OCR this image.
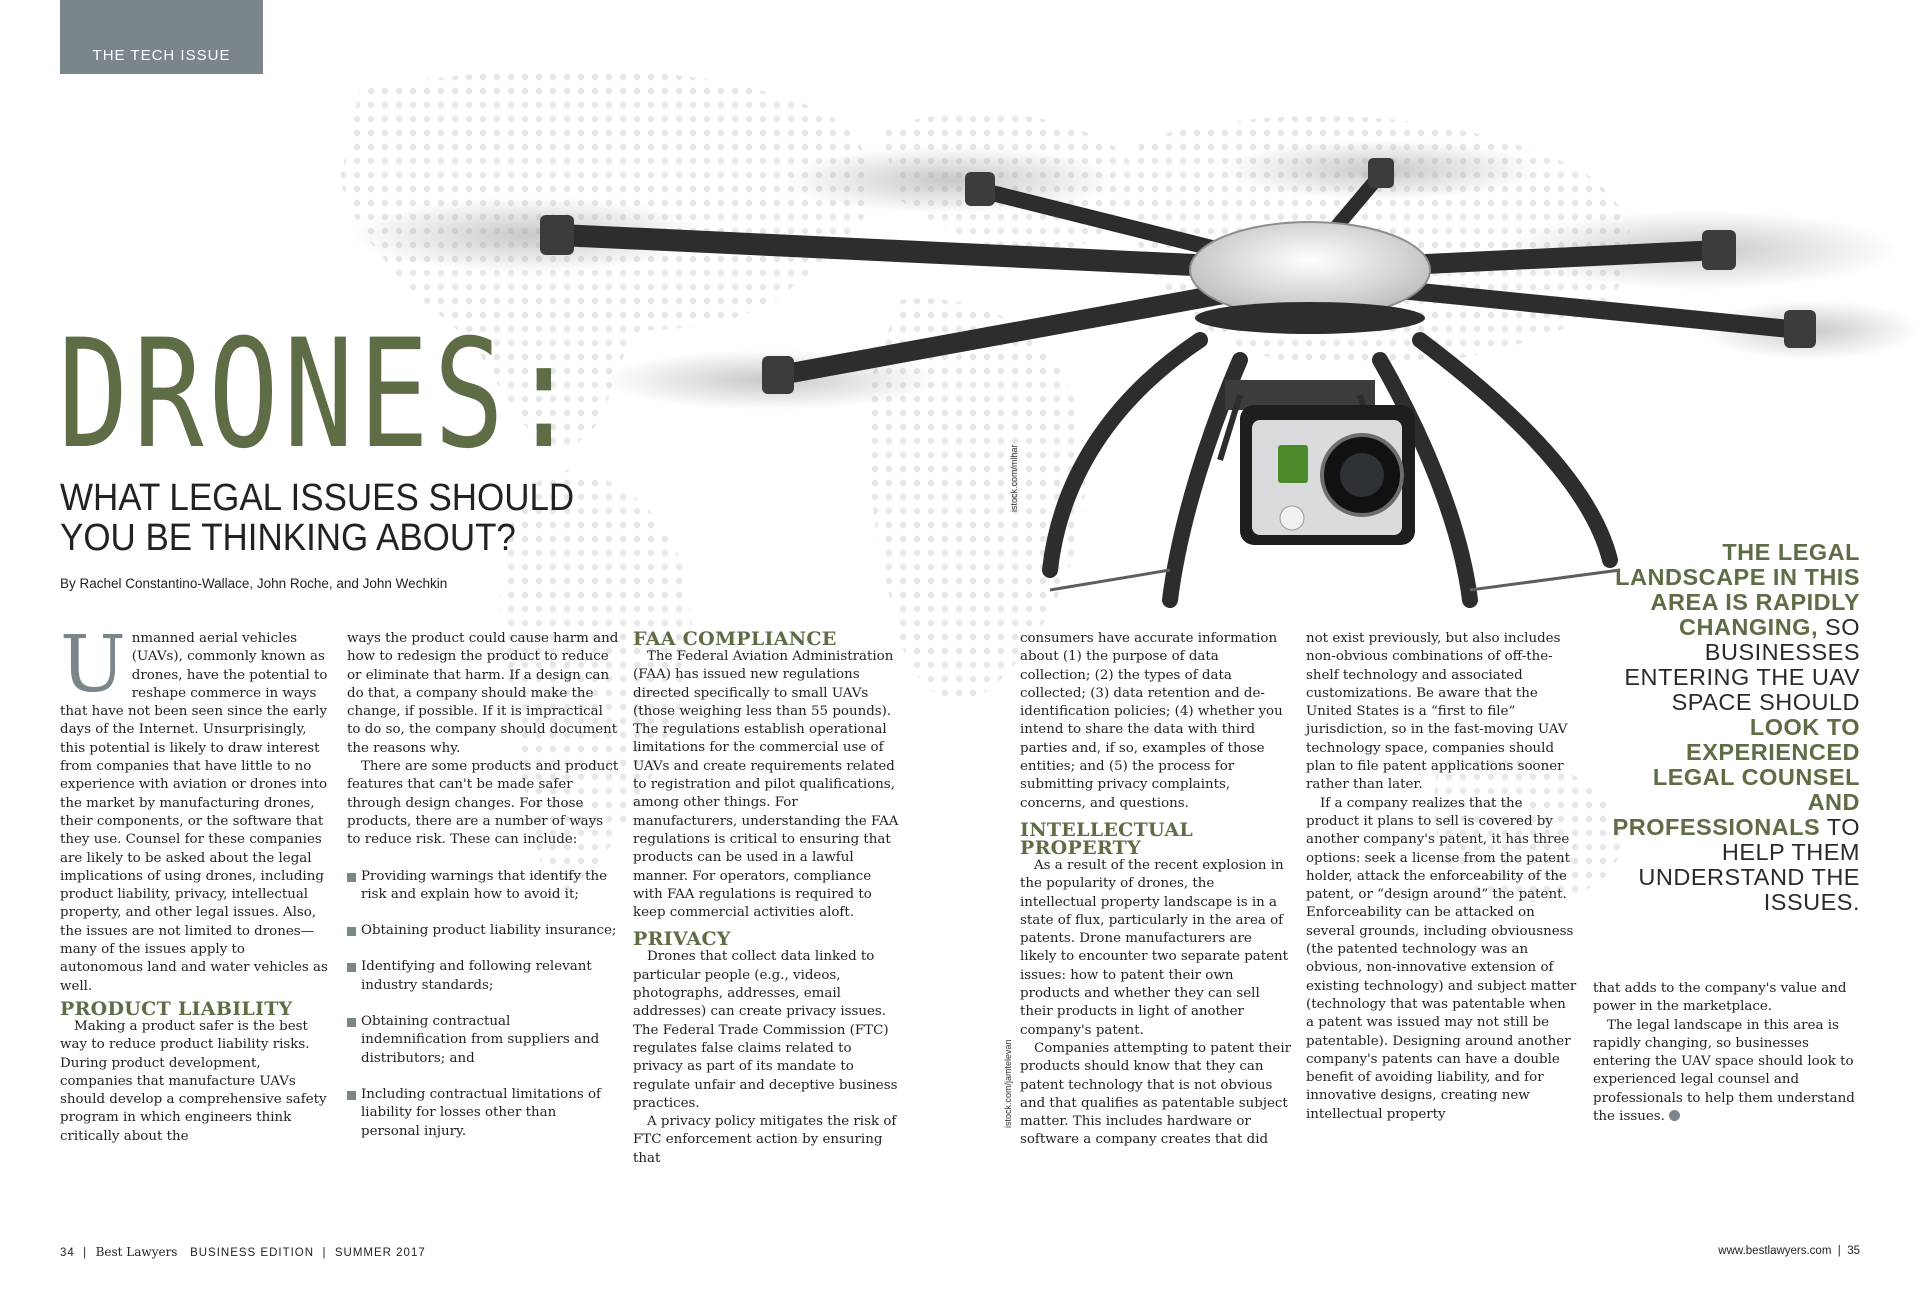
THE TECH ISSUE
istock.com/mlhar
istock.com/jamtelevan
DRONES:
WHAT LEGAL ISSUES SHOULD YOU BE THINKING ABOUT?
By Rachel Constantino-Wallace, John Roche, and John Wechkin

Unmanned aerial vehicles (UAVs), commonly known as drones, have the potential to reshape commerce in ways that have not been seen since the early days of the Internet. Unsurprisingly, this potential is likely to draw interest from companies that have little to no experience with aviation or drones into the market by manufacturing drones, their components, or the software that they use. Counsel for these companies are likely to be asked about the legal implications of using drones, including product liability, privacy, intellectual property, and other legal issues. Also, the issues are not limited to drones—many of the issues apply to autonomous land and water vehicles as well.

PRODUCT LIABILITY

Making a product safer is the best way to reduce product liability risks. During product development, companies that manufacture UAVs should develop a comprehensive safety program in which engineers think critically about the

ways the product could cause harm and how to redesign the product to reduce or eliminate that harm. If a design can do that, a company should make the change, if possible. If it is impractical to do so, the company should document the reasons why.

There are some products and product features that can't be made safer through design changes. For those products, there are a number of ways to reduce risk. These can include:

Providing warnings that identify the risk and explain how to avoid it;
Obtaining product liability insurance;
Identifying and following relevant industry standards;
Obtaining contractual indemnification from suppliers and distributors; and
Including contractual limitations of liability for losses other than personal injury.
FAA COMPLIANCE

The Federal Aviation Administration (FAA) has issued new regulations directed specifically to small UAVs (those weighing less than 55 pounds). The regulations establish operational limitations for the commercial use of UAVs and create requirements related to registration and pilot qualifications, among other things. For manufacturers, understanding the FAA regulations is critical to ensuring that products can be used in a lawful manner. For operators, compliance with FAA regulations is required to keep commercial activities aloft.

PRIVACY

Drones that collect data linked to particular people (e.g., videos, photographs, addresses, email addresses) can create privacy issues. The Federal Trade Commission (FTC) regulates false claims related to privacy as part of its mandate to regulate unfair and deceptive business practices.

A privacy policy mitigates the risk of FTC enforcement action by ensuring that

consumers have accurate information about (1) the purpose of data collection; (2) the types of data collected; (3) data retention and de-identification policies; (4) whether you intend to share the data with third parties and, if so, examples of those entities; and (5) the process for submitting privacy complaints, concerns, and questions.

INTELLECTUAL PROPERTY

As a result of the recent explosion in the popularity of drones, the intellectual property landscape is in a state of flux, particularly in the area of patents. Drone manufacturers are likely to encounter two separate patent issues: how to patent their own products and whether they can sell their products in light of another company's patent.

Companies attempting to patent their products should know that they can patent technology that is not obvious and that qualifies as patentable subject matter. This includes hardware or software a company creates that did

not exist previously, but also includes non-obvious combinations of off-the-shelf technology and associated customizations. Be aware that the United States is a “first to file” jurisdiction, so in the fast-moving UAV technology space, companies should plan to file patent applications sooner rather than later.

If a company realizes that the product it plans to sell is covered by another company's patent, it has three options: seek a license from the patent holder, attack the enforceability of the patent, or “design around” the patent. Enforceability can be attacked on several grounds, including obviousness (the patented technology was an obvious, non-innovative extension of existing technology) and subject matter (technology that was patentable when a patent was issued may not still be patentable). Designing around another company's patents can have a double benefit of avoiding liability, and for innovative designs, creating new intellectual property

that adds to the company's value and power in the marketplace.

The legal landscape in this area is rapidly changing, so businesses entering the UAV space should look to experienced legal counsel and professionals to help them understand the issues.

THE LEGAL LANDSCAPE IN THIS AREA IS RAPIDLY CHANGING, SO BUSINESSES ENTERING THE UAV SPACE SHOULD LOOK TO EXPERIENCED LEGAL COUNSEL AND PROFESSIONALS TO HELP THEM UNDERSTAND THE ISSUES.
34  |  Best Lawyers BUSINESS EDITION  |  SUMMER 2017	www.bestlawyers.com  |  35
